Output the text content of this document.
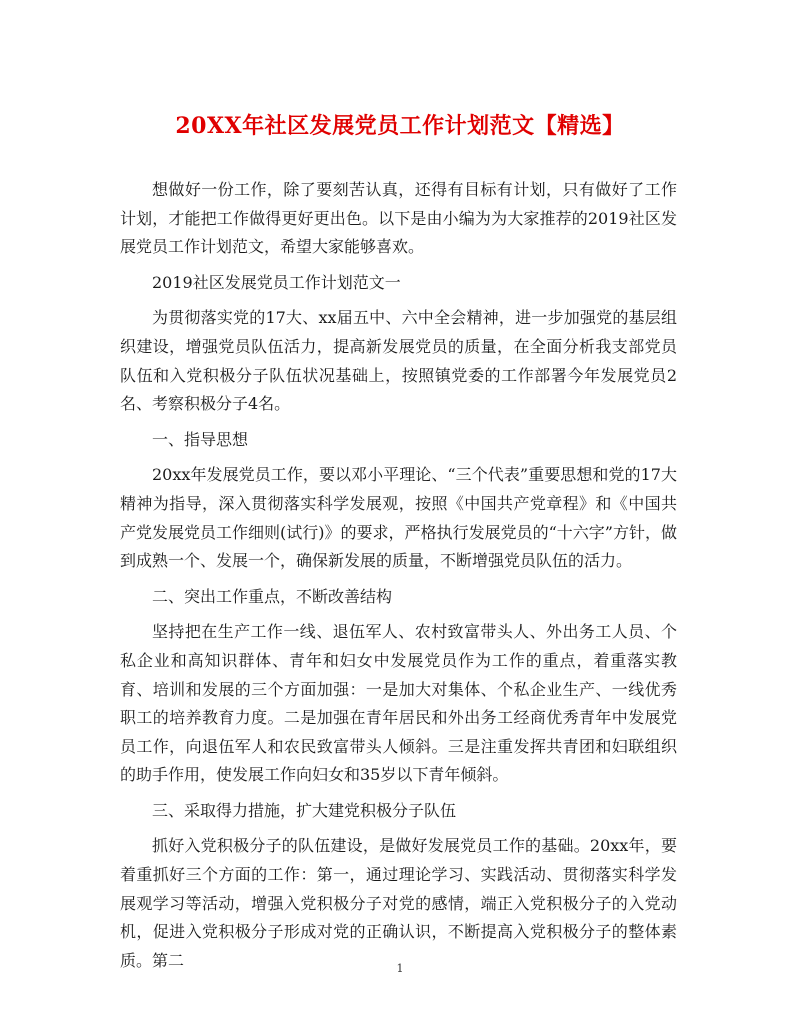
20XX年社区发展党员工作计划范文【精选】

想做好一份工作，除了要刻苦认真，还得有目标有计划，只有做好了工作计划，才能把工作做得更好更出色。以下是由小编为为大家推荐的2019社区发展党员工作计划范文，希望大家能够喜欢。

2019社区发展党员工作计划范文一

为贯彻落实党的17大、xx届五中、六中全会精神，进一步加强党的基层组织建设，增强党员队伍活力，提高新发展党员的质量，在全面分析我支部党员队伍和入党积极分子队伍状况基础上，按照镇党委的工作部署今年发展党员2名、考察积极分子4名。

一、指导思想

20xx年发展党员工作，要以邓小平理论、“三个代表”重要思想和党的17大精神为指导，深入贯彻落实科学发展观，按照《中国共产党章程》和《中国共产党发展党员工作细则(试行)》的要求，严格执行发展党员的“十六字”方针，做到成熟一个、发展一个，确保新发展的质量，不断增强党员队伍的活力。

二、突出工作重点，不断改善结构

坚持把在生产工作一线、退伍军人、农村致富带头人、外出务工人员、个私企业和高知识群体、青年和妇女中发展党员作为工作的重点，着重落实教育、培训和发展的三个方面加强：一是加大对集体、个私企业生产、一线优秀职工的培养教育力度。二是加强在青年居民和外出务工经商优秀青年中发展党员工作，向退伍军人和农民致富带头人倾斜。三是注重发挥共青团和妇联组织的助手作用，使发展工作向妇女和35岁以下青年倾斜。

三、采取得力措施，扩大建党积极分子队伍

抓好入党积极分子的队伍建设，是做好发展党员工作的基础。20xx年，要着重抓好三个方面的工作：第一，通过理论学习、实践活动、贯彻落实科学发展观学习等活动，增强入党积极分子对党的感情，端正入党积极分子的入党动机，促进入党积极分子形成对党的正确认识，不断提高入党积极分子的整体素质。第二	1
